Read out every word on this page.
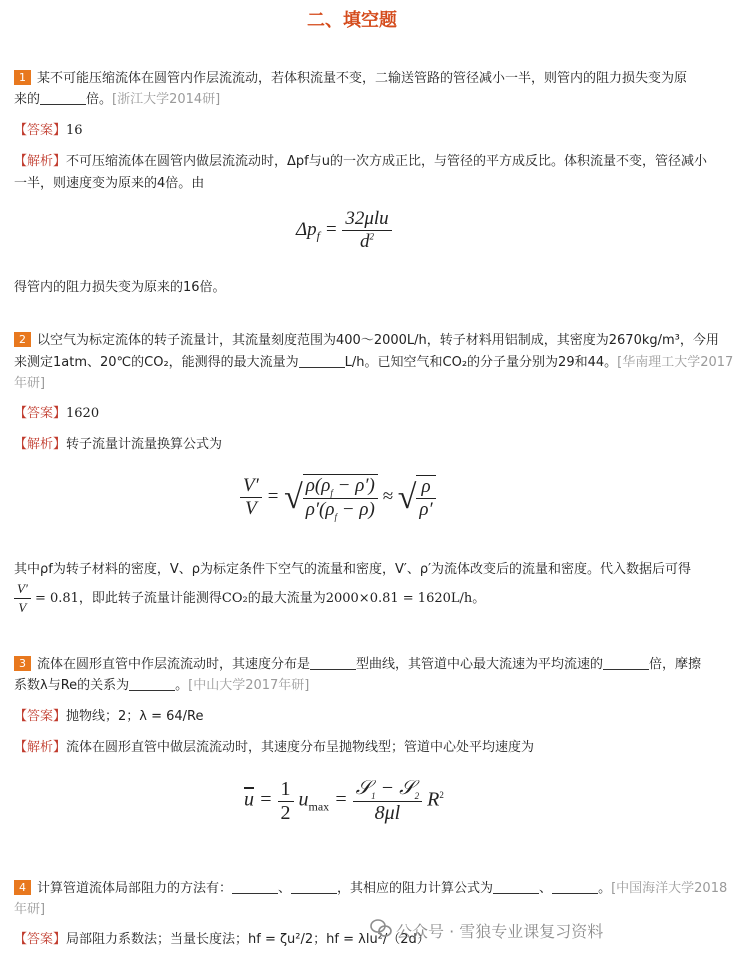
二、填空题
1 某不可能压缩流体在圆管内作层流流动，若体积流量不变，二输送管路的管径减小一半，则管内的阻力损失变为原
来的	倍。[浙江大学2014研]
【答案】16
【解析】不可压缩流体在圆管内做层流流动时，Δpf与u的一次方成正比，与管径的平方成反比。体积流量不变，管径减小
一半，则速度变为原来的4倍。由
$\Delta p_f = \frac{\text{32μlu}}{d^2}$
得管内的阻力损失变为原来的16倍。
2 以空气为标定流体的转子流量计，其流量刻度范围为400～2000L/h，转子材料用铝制成，其密度为2670kg/m³，今用
来测定1atm、20℃的CO₂，能测得的最大流量为	L/h。已知空气和CO₂的分子量分别为29和44。[华南理工大学2017
年研]
【答案】1620
【解析】转子流量计流量换算公式为
$\frac{V'}{V}$ = √ $\frac{\rho(\rho_f - \rho')}{\rho'(\rho_f - \rho)}$ ≈ √ $\frac{\rho}{\rho'}$
其中ρf为转子材料的密度，V、ρ为标定条件下空气的流量和密度，V′、ρ′为流体改变后的流量和密度。代入数据后可得
$\frac{V'}{V} = 0.81$，即此转子流量计能测得CO₂的最大流量为2000×0.81 = 1620L/h。
3 流体在圆形直管中作层流流动时，其速度分布是	型曲线，其管道中心最大流速为平均流速的	倍，摩擦
系数λ与Re的关系为	。[中山大学2017年研]
【答案】抛物线；2；λ = 64/Re
【解析】流体在圆形直管中做层流流动时，其速度分布呈抛物线型；管道中心处平均速度为
$\overline{u} = \frac{1}{2} u_{max} = \frac{𝒮_1 - 𝒮_2}{8\mu l} R^2$
4 计算管道流体局部阻力的方法有：	、	，其相应的阻力计算公式为	、	。[中国海洋大学2018
年研]
【答案】局部阻力系数法；当量长度法；hf = ζu²/2；hf = λlu²/（2d）
公众号 · 雪狼专业课复习资料
